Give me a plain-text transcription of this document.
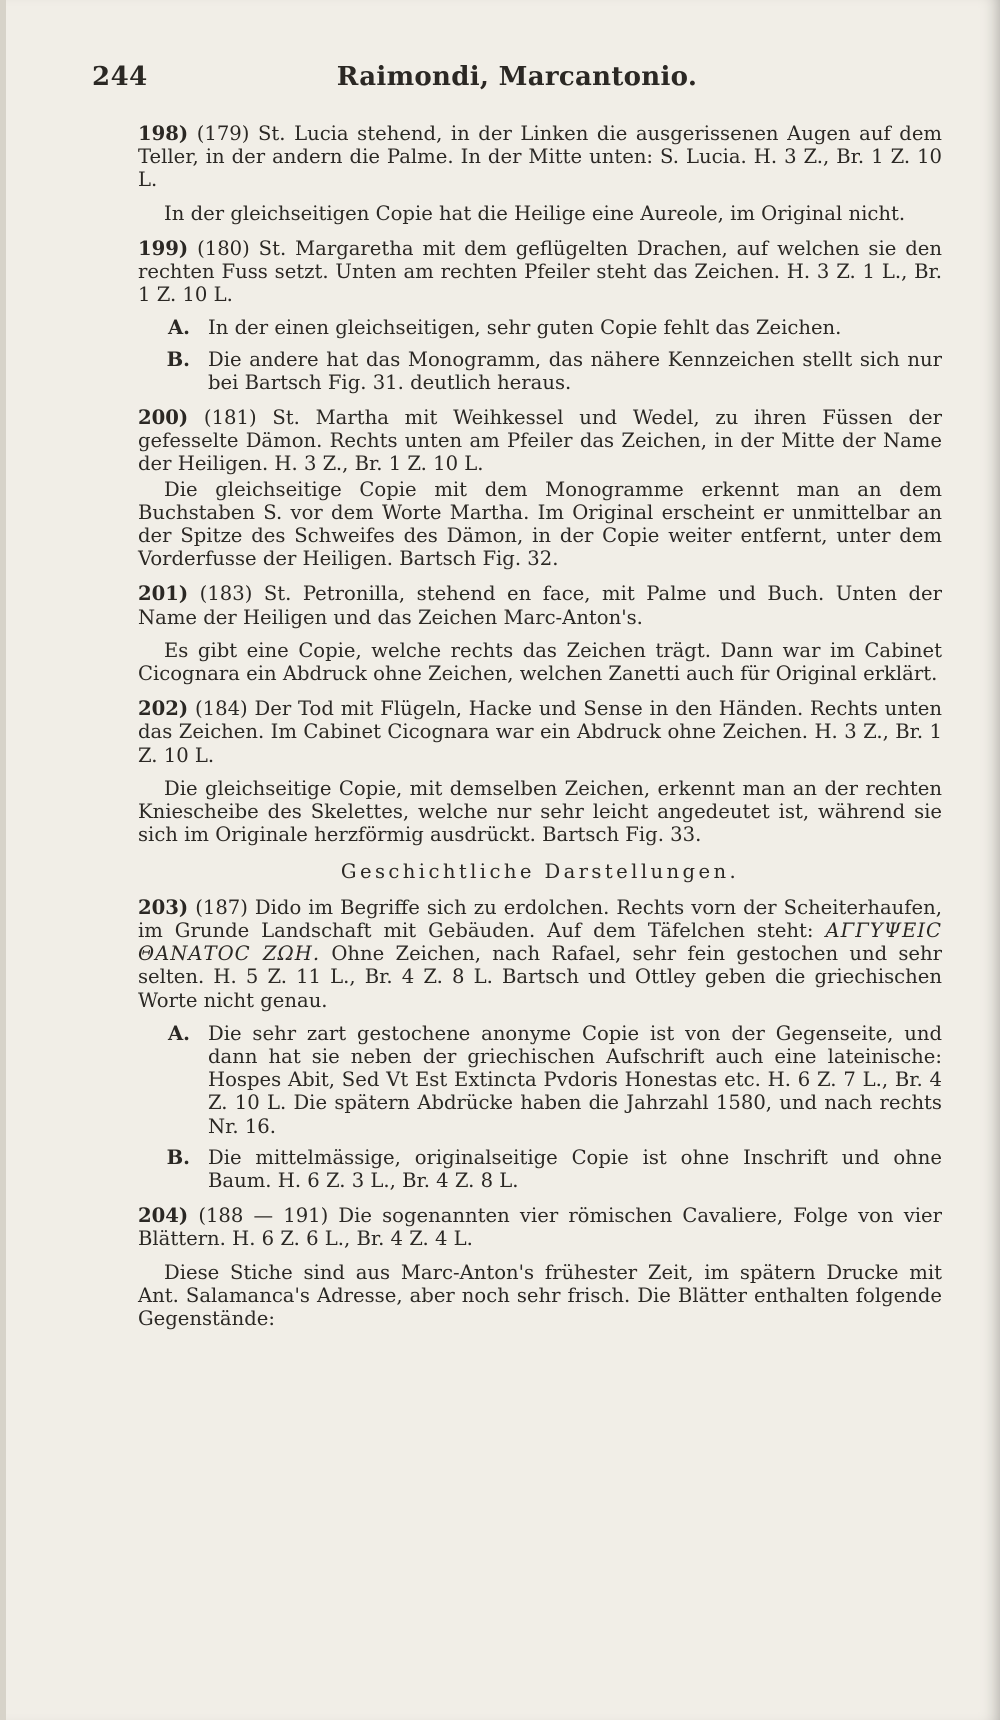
244	Raimondi, Marcantonio.

198) (179) St. Lucia stehend, in der Linken die ausgerissenen Augen auf dem Teller, in der andern die Palme. In der Mitte unten: S. Lucia. H. 3 Z., Br. 1 Z. 10 L.

In der gleichseitigen Copie hat die Heilige eine Aureole, im Original nicht.

199) (180) St. Margaretha mit dem geflügelten Drachen, auf welchen sie den rechten Fuss setzt. Unten am rechten Pfeiler steht das Zeichen. H. 3 Z. 1 L., Br. 1 Z. 10 L.

A. In der einen gleichseitigen, sehr guten Copie fehlt das Zeichen.
B. Die andere hat das Monogramm, das nähere Kennzeichen stellt sich nur bei Bartsch Fig. 31. deutlich heraus.

200) (181) St. Martha mit Weihkessel und Wedel, zu ihren Füssen der gefesselte Dämon. Rechts unten am Pfeiler das Zeichen, in der Mitte der Name der Heiligen. H. 3 Z., Br. 1 Z. 10 L.

Die gleichseitige Copie mit dem Monogramme erkennt man an dem Buchstaben S. vor dem Worte Martha. Im Original erscheint er unmittelbar an der Spitze des Schweifes des Dämon, in der Copie weiter entfernt, unter dem Vorderfusse der Heiligen. Bartsch Fig. 32.

201) (183) St. Petronilla, stehend en face, mit Palme und Buch. Unten der Name der Heiligen und das Zeichen Marc-Anton's.

Es gibt eine Copie, welche rechts das Zeichen trägt. Dann war im Cabinet Cicognara ein Abdruck ohne Zeichen, welchen Zanetti auch für Original erklärt.

202) (184) Der Tod mit Flügeln, Hacke und Sense in den Händen. Rechts unten das Zeichen. Im Cabinet Cicognara war ein Abdruck ohne Zeichen. H. 3 Z., Br. 1 Z. 10 L.

Die gleichseitige Copie, mit demselben Zeichen, erkennt man an der rechten Kniescheibe des Skelettes, welche nur sehr leicht angedeutet ist, während sie sich im Originale herzförmig ausdrückt. Bartsch Fig. 33.

Geschichtliche Darstellungen.

203) (187) Dido im Begriffe sich zu erdolchen. Rechts vorn der Scheiterhaufen, im Grunde Landschaft mit Gebäuden. Auf dem Täfelchen steht: ΑΓΓΥΨΕΙϹ ΘΑΝΑΤΟϹ ΖΩΗ. Ohne Zeichen, nach Rafael, sehr fein gestochen und sehr selten. H. 5 Z. 11 L., Br. 4 Z. 8 L. Bartsch und Ottley geben die griechischen Worte nicht genau.

A. Die sehr zart gestochene anonyme Copie ist von der Gegenseite, und dann hat sie neben der griechischen Aufschrift auch eine lateinische: Hospes Abit, Sed Vt Est Extincta Pvdoris Honestas etc. H. 6 Z. 7 L., Br. 4 Z. 10 L. Die spätern Abdrücke haben die Jahrzahl 1580, und nach rechts Nr. 16.
B. Die mittelmässige, originalseitige Copie ist ohne Inschrift und ohne Baum. H. 6 Z. 3 L., Br. 4 Z. 8 L.

204) (188 — 191) Die sogenannten vier römischen Cavaliere, Folge von vier Blättern. H. 6 Z. 6 L., Br. 4 Z. 4 L.

Diese Stiche sind aus Marc-Anton's frühester Zeit, im spätern Drucke mit Ant. Salamanca's Adresse, aber noch sehr frisch. Die Blätter enthalten folgende Gegenstände:
